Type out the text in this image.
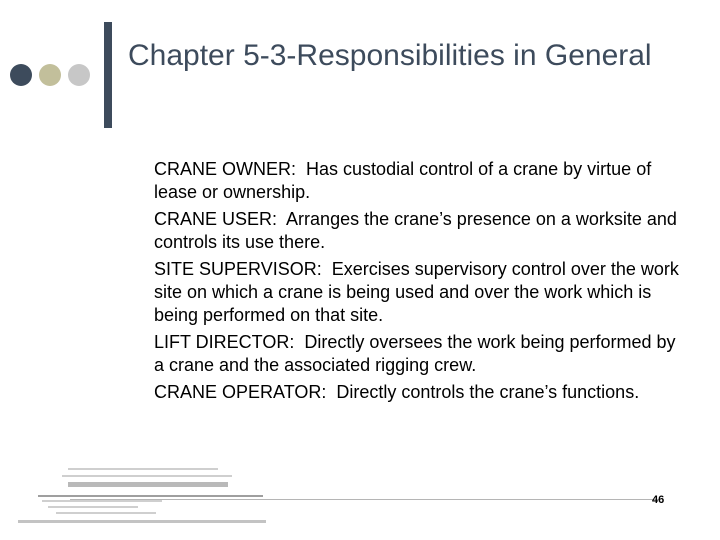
Chapter 5-3-Responsibilities in General

CRANE OWNER: Has custodial control of a crane by virtue of lease or ownership.

CRANE USER: Arranges the crane’s presence on a worksite and controls its use there.

SITE SUPERVISOR: Exercises supervisory control over the work site on which a crane is being used and over the work which is being performed on that site.

LIFT DIRECTOR: Directly oversees the work being performed by a crane and the associated rigging crew.

CRANE OPERATOR: Directly controls the crane’s functions.

46
